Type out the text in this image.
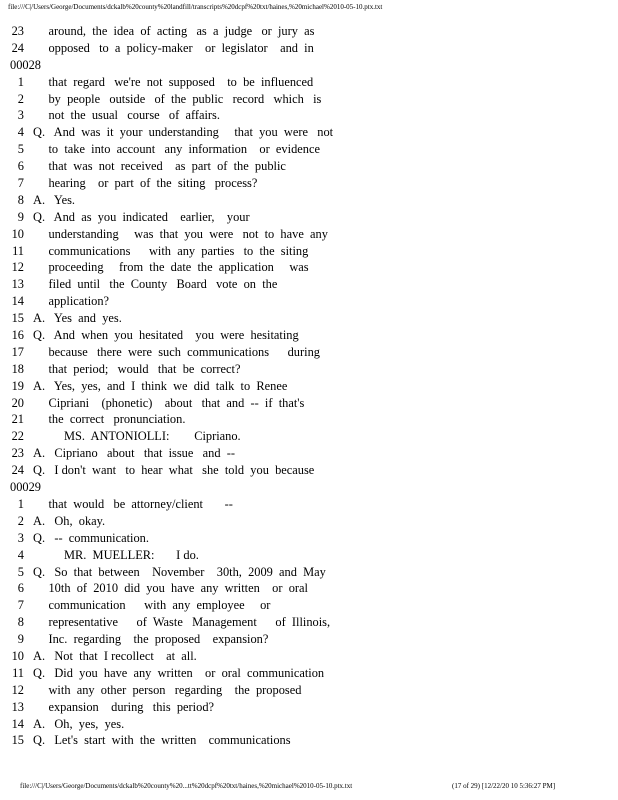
file:///C|/Users/George/Documents/dckalb%20county%20landfill/transcripts%20dcpf%20txt/haines,%20michael%2010-05-10.ptx.txt
23 around,  the  idea  of  acting   as  a  judge   or  jury  as
24 opposed   to  a  policy-maker    or  legislator    and  in
00028
1 that  regard   we're  not  supposed    to  be  influenced
2 by  people   outside   of  the  public   record   which   is
3 not  the  usual   course   of  affairs.
4 Q.   And  was  it  your  understanding     that  you  were   not
5 to  take  into  account   any  information    or  evidence
6 that  was  not  received    as  part  of  the  public
7 hearing    or  part  of  the  siting   process?
8 A.   Yes.
9 Q.   And  as  you  indicated    earlier,    your
10 understanding     was  that  you  were   not  to  have  any
11 communications      with  any  parties   to  the  siting
12 proceeding     from  the  date  the  application     was
13 filed  until   the  County   Board   vote  on  the
14 application?
15 A.   Yes  and  yes.
16 Q.   And  when  you  hesitated    you  were  hesitating
17 because   there  were  such  communications      during
18 that  period;   would   that  be  correct?
19 A.   Yes,  yes,  and  I  think  we  did  talk  to  Renee
20 Cipriani    (phonetic)    about   that  and  --  if  that's
21 the  correct   pronunciation.
22 MS.  ANTONIOLLI:        Cipriano.
23 A.   Cipriano   about   that  issue   and  --
24 Q.   I don't  want   to  hear  what   she  told  you  because
00029
1 that  would   be  attorney/client       --
2 A.   Oh,  okay.
3 Q.   --  communication.
4 MR.  MUELLER:       I do.
5 Q.   So  that  between    November    30th,  2009  and  May
6 10th  of  2010  did  you  have  any  written    or  oral
7 communication      with  any  employee     or
8 representative      of  Waste   Management      of  Illinois,
9 Inc.  regarding    the  proposed    expansion?
10 A.   Not  that  I recollect    at  all.
11 Q.   Did  you  have  any  written    or  oral  communication
12 with  any  other  person   regarding    the  proposed
13 expansion    during   this  period?
14 A.   Oh,  yes,  yes.
15 Q.   Let's  start  with  the  written    communications
file:///C|/Users/George/Documents/dckalb%20county%20...tt%20dcpf%20txt/haines,%20michael%2010-05-10.ptx.txt	(17 of 29) [12/22/20 10 5:36:27 PM]
